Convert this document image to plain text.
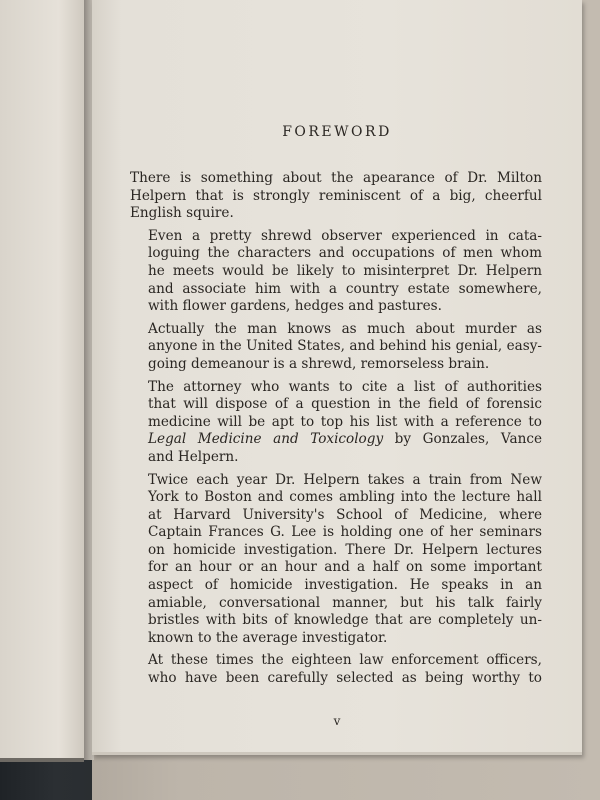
FOREWORD

There is something about the apearance of Dr. Milton
Helpern that is strongly reminiscent of a big, cheerful
English squire.

Even a pretty shrewd observer experienced in cata-
loguing the characters and occupations of men whom
he meets would be likely to misinterpret Dr. Helpern
and associate him with a country estate somewhere,
with flower gardens, hedges and pastures.

Actually the man knows as much about murder as
anyone in the United States, and behind his genial, easy-
going demeanour is a shrewd, remorseless brain.

The attorney who wants to cite a list of authorities
that will dispose of a question in the field of forensic
medicine will be apt to top his list with a reference to
Legal Medicine and Toxicology by Gonzales, Vance
and Helpern.

Twice each year Dr. Helpern takes a train from New
York to Boston and comes ambling into the lecture hall
at Harvard University's School of Medicine, where
Captain Frances G. Lee is holding one of her seminars
on homicide investigation. There Dr. Helpern lectures
for an hour or an hour and a half on some important
aspect of homicide investigation. He speaks in an
amiable, conversational manner, but his talk fairly
bristles with bits of knowledge that are completely un-
known to the average investigator.

At these times the eighteen law enforcement officers,
who have been carefully selected as being worthy to

v
